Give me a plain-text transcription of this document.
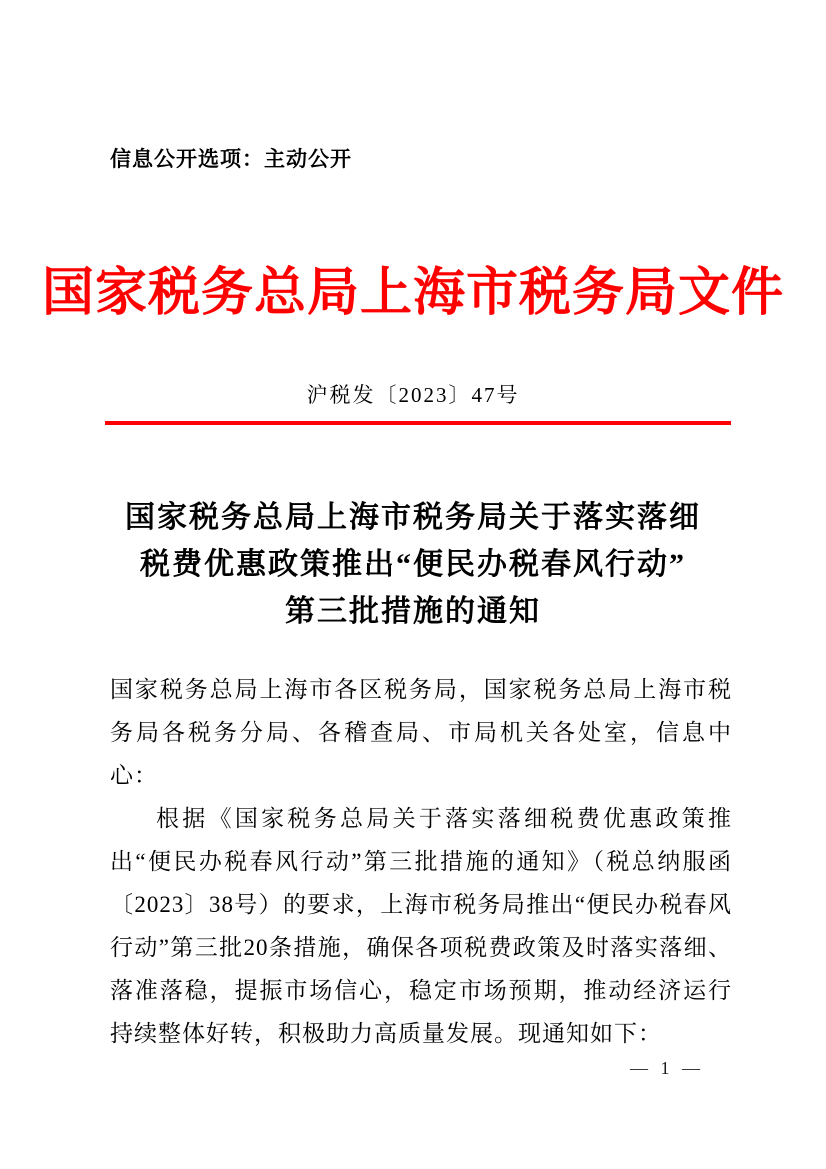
信息公开选项：主动公开
国家税务总局上海市税务局文件
沪税发〔2023〕47号
国家税务总局上海市税务局关于落实落细
税费优惠政策推出“便民办税春风行动”
第三批措施的通知

国家税务总局上海市各区税务局，国家税务总局上海市税务局各税务分局、各稽查局、市局机关各处室，信息中心：

根据《国家税务总局关于落实落细税费优惠政策推出“便民办税春风行动”第三批措施的通知》（税总纳服函〔2023〕38号）的要求，上海市税务局推出“便民办税春风行动”第三批20条措施，确保各项税费政策及时落实落细、落准落稳，提振市场信心，稳定市场预期，推动经济运行持续整体好转，积极助力高质量发展。现通知如下：

— 1 —
